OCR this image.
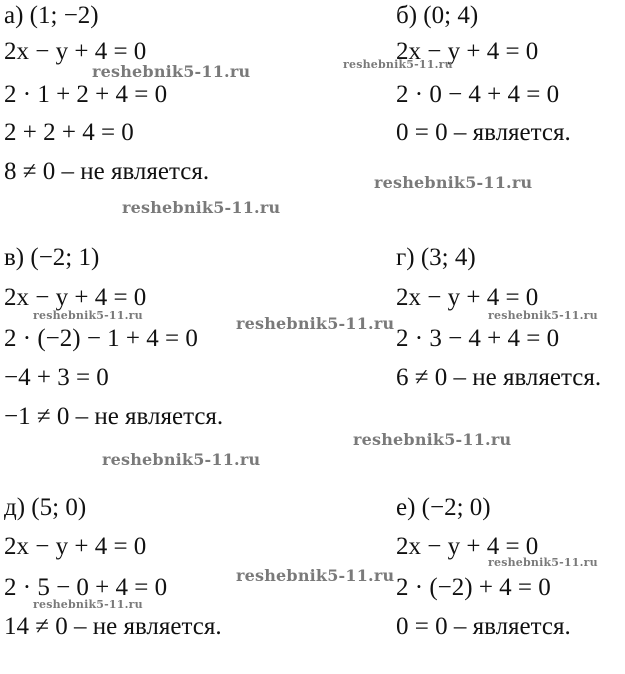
а) (1; −2)
2x − y + 4 = 0
2 · 1 + 2 + 4 = 0
2 + 2 + 4 = 0
8 ≠ 0 – не является.
б) (0; 4)
2x − y + 4 = 0
2 · 0 − 4 + 4 = 0
0 = 0 – является.
в) (−2; 1)
2x − y + 4 = 0
2 · (−2) − 1 + 4 = 0
−4 + 3 = 0
−1 ≠ 0 – не является.
г) (3; 4)
2x − y + 4 = 0
2 · 3 − 4 + 4 = 0
6 ≠ 0 – не является.
д) (5; 0)
2x − y + 4 = 0
2 · 5 − 0 + 4 = 0
14 ≠ 0 – не является.
е) (−2; 0)
2x − y + 4 = 0
2 · (−2) + 4 = 0
0 = 0 – является.
reshebnik5-11.ru	reshebnik5-11.ru
reshebnik5-11.ru
reshebnik5-11.ru
reshebnik5-11.ru	reshebnik5-11.ru	reshebnik5-11.ru
reshebnik5-11.ru
reshebnik5-11.ru
reshebnik5-11.ru
reshebnik5-11.ru
reshebnik5-11.ru
